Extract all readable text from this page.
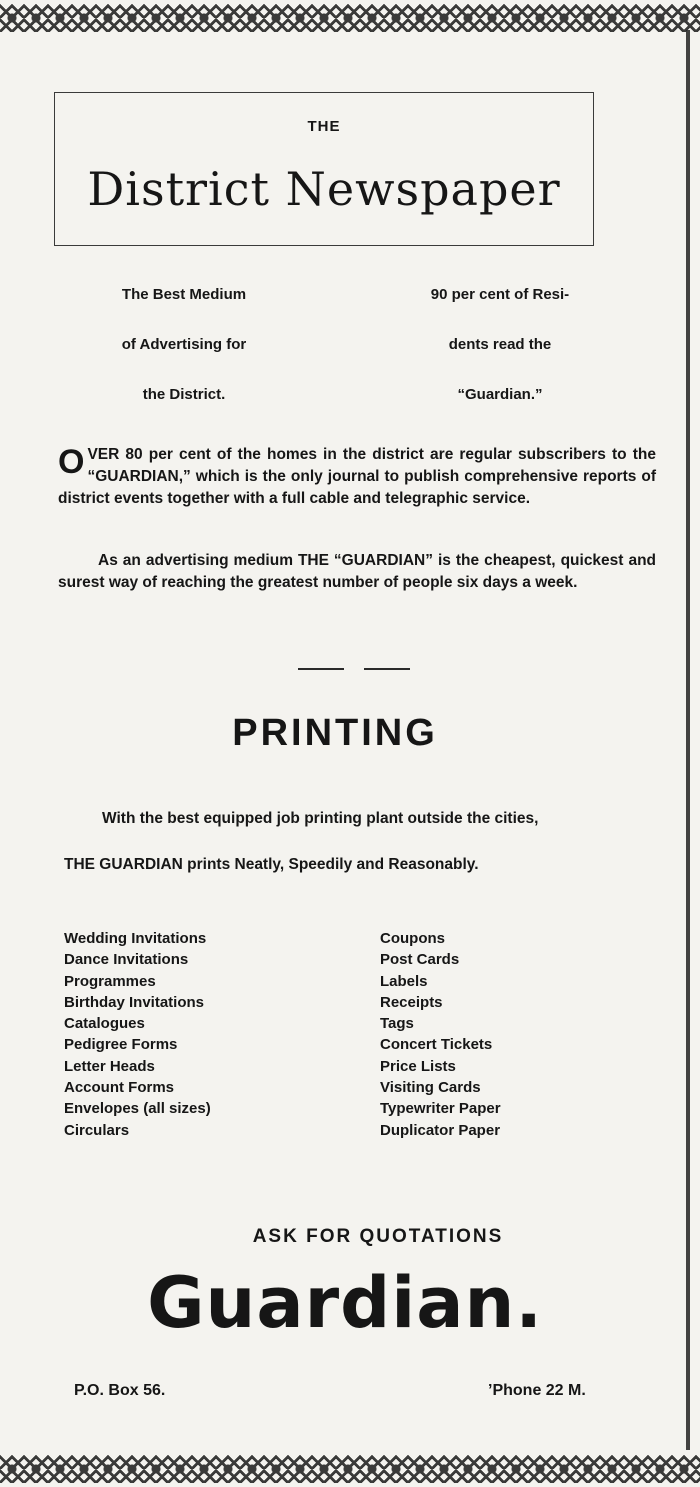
THE
District Newspaper
The Best Medium
of Advertising for
the District.
90 per cent of Resi-
dents read the
“Guardian.”
OVER 80 per cent of the homes in the district are regular subscribers to the “GUARDIAN,” which is the only journal to publish comprehensive reports of district events together with a full cable and telegraphic service.
As an advertising medium THE “GUARDIAN” is the cheapest, quickest and surest way of reaching the greatest number of people six days a week.
PRINTING
With the best equipped job printing plant outside the cities,
THE GUARDIAN prints Neatly, Speedily and Reasonably.
Wedding Invitations
Dance Invitations
Programmes
Birthday Invitations
Catalogues
Pedigree Forms
Letter Heads
Account Forms
Envelopes (all sizes)
Circulars
Coupons
Post Cards
Labels
Receipts
Tags
Concert Tickets
Price Lists
Visiting Cards
Typewriter Paper
Duplicator Paper
ASK FOR QUOTATIONS
Guardian.
P.O. Box 56.	’Phone 22 M.
